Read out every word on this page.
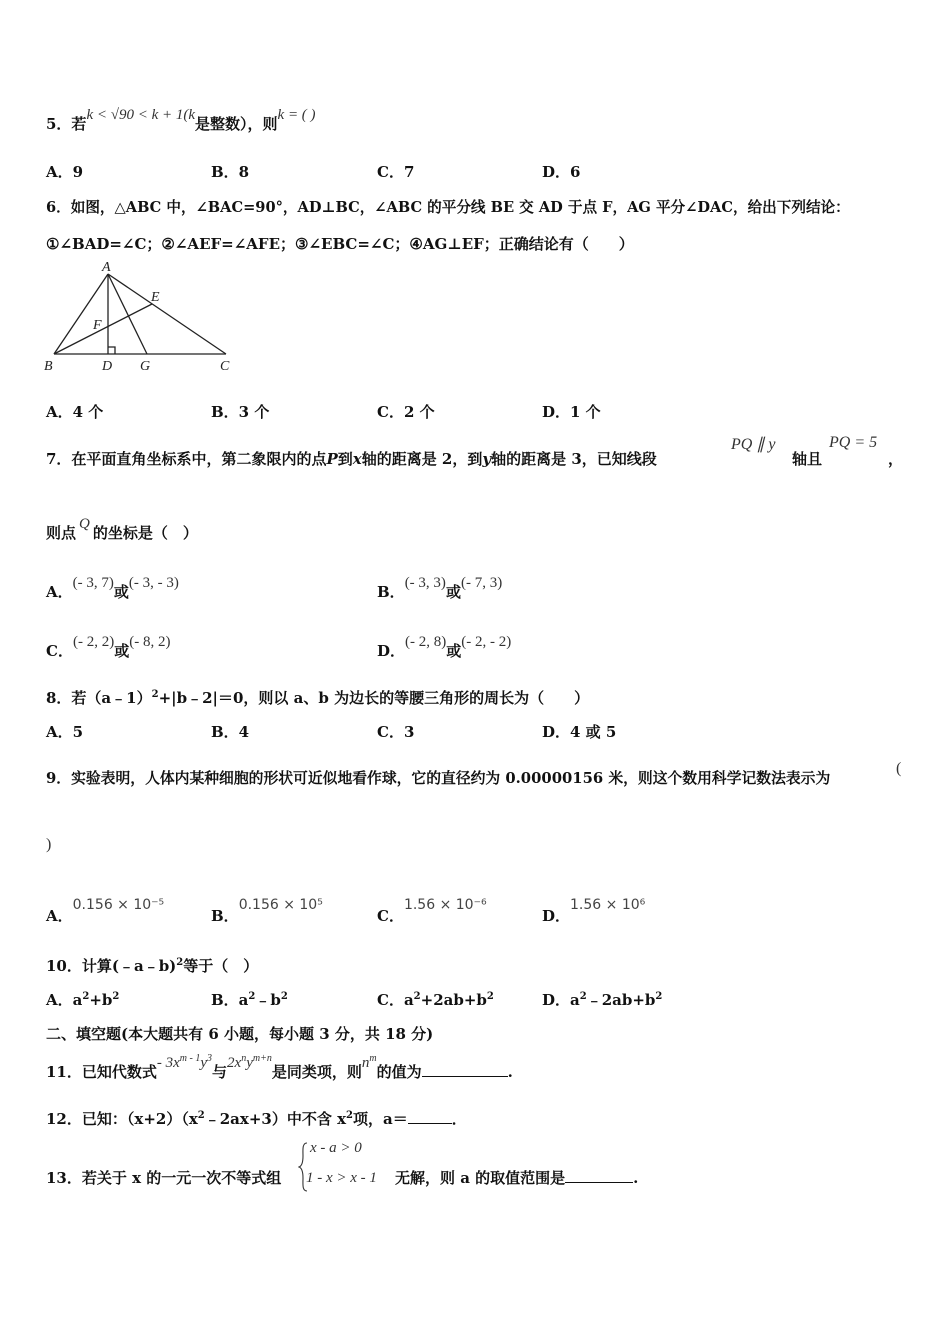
5．若k < √90 < k + 1(k是整数），则k = ( )
A．9	B．8	C．7	D．6
6．如图，△ABC 中，∠BAC=90°，AD⊥BC，∠ABC 的平分线 BE 交 AD 于点 F，AG 平分∠DAC，给出下列结论：
①∠BAD=∠C；②∠AEF=∠AFE；③∠EBC=∠C；④AG⊥EF；正确结论有（　　）
A
E
F
B	D G	C
A．4 个	B．3 个	C．2 个	D．1 个
7．在平面直角坐标系中，第二象限内的点P到x轴的距离是 2，到y轴的距离是 3，已知线段
PQ ∥ y
轴且
PQ = 5
，
则点 Q 的坐标是（　）
A．(- 3, 7)或(- 3, - 3)	B．(- 3, 3)或(- 7, 3)
C．(- 2, 2)或(- 8, 2)	D．(- 2, 8)或(- 2, - 2)
8．若（a﹣1）$^2$+|b﹣2|＝0，则以 a、b 为边长的等腰三角形的周长为（　　）
A．5	B．4	C．3	D．4 或 5
9．实验表明，人体内某种细胞的形状可近似地看作球，它的直径约为 0.00000156 米，则这个数用科学记数法表示为
(
)
A．0.156 × 10⁻⁵
B．0.156 × 10⁵
C．1.56 × 10⁻⁶
D．1.56 × 10⁶
10．计算(﹣a﹣b)$^2$等于（　）
A．$a^2+b^2$	B．$a^2﹣b^2$	C．$a^2+2ab+b^2$	D．$a^2﹣2ab+b^2$
二、填空题(本大题共有 6 小题，每小题 3 分，共 18 分)
11．已知代数式- $3x^{m - 1}y^3$与$2x^ny^{m+n}$是同类项，则$n^m$的值为	.
12．已知：$(x+2)(x^2﹣2ax+3)$中不含 $x^2$项，a＝	．
13．若关于 x 的一元一次不等式组
x - a > 0
1 - x > x - 1 无解，则 a 的取值范围是	.
